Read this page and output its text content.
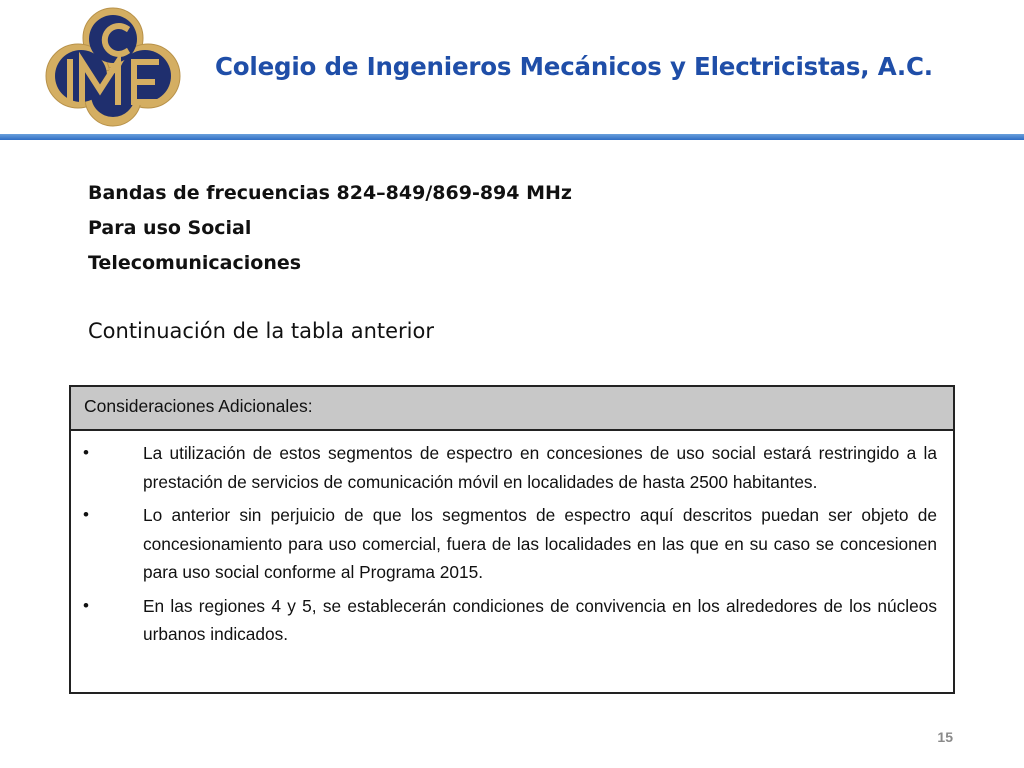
Colegio de Ingenieros Mecánicos y Electricistas, A.C.
Bandas de frecuencias 824–849/869-894 MHz
Para uso Social
Telecomunicaciones
Continuación de la tabla anterior
Consideraciones Adicionales:
•	La utilización de estos segmentos de espectro en concesiones de uso social estará restringido a la prestación de servicios de comunicación móvil en localidades de hasta 2500 habitantes.
•	Lo anterior sin perjuicio de que los segmentos de espectro aquí descritos puedan ser objeto de concesionamiento para uso comercial, fuera de las localidades en las que en su caso se concesionen para uso social conforme al Programa 2015.
•	En las regiones 4 y 5, se establecerán condiciones de convivencia en los alrededores de los núcleos urbanos indicados.
15
